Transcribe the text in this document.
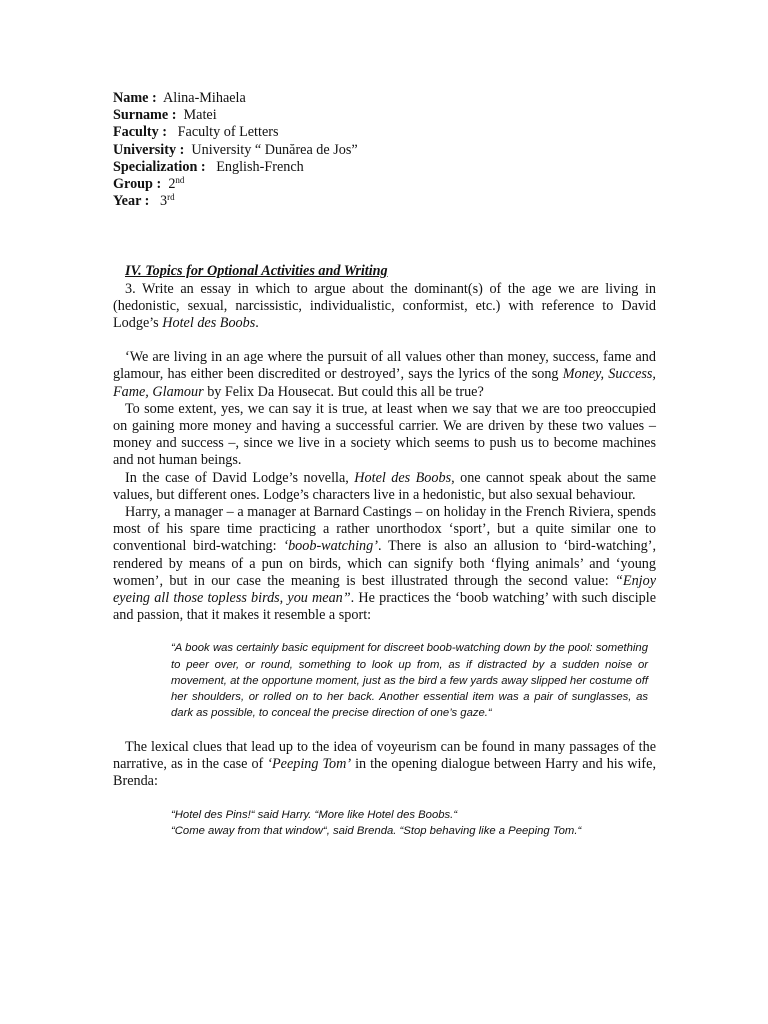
Name : Alina-Mihaela
Surname : Matei
Faculty : Faculty of Letters
University : University “ Dunărea de Jos”
Specialization : English-French
Group : 2nd
Year : 3rd
IV. Topics for Optional Activities and Writing

3. Write an essay in which to argue about the dominant(s) of the age we are living in (hedonistic, sexual, narcissistic, individualistic, conformist, etc.) with reference to David Lodge’s Hotel des Boobs.

‘We are living in an age where the pursuit of all values other than money, success, fame and glamour, has either been discredited or destroyed’, says the lyrics of the song Money, Success, Fame, Glamour by Felix Da Housecat. But could this all be true?

To some extent, yes, we can say it is true, at least when we say that we are too preoccupied on gaining more money and having a successful carrier. We are driven by these two values – money and success –, since we live in a society which seems to push us to become machines and not human beings.

In the case of David Lodge’s novella, Hotel des Boobs, one cannot speak about the same values, but different ones. Lodge’s characters live in a hedonistic, but also sexual behaviour.

Harry, a manager – a manager at Barnard Castings – on holiday in the French Riviera, spends most of his spare time practicing a rather unorthodox ‘sport’, but a quite similar one to conventional bird-watching: ‘boob-watching’. There is also an allusion to ‘bird-watching’, rendered by means of a pun on birds, which can signify both ‘flying animals’ and ‘young women’, but in our case the meaning is best illustrated through the second value: “Enjoy eyeing all those topless birds, you mean”. He practices the ‘boob watching’ with such disciple and passion, that it makes it resemble a sport:

“A book was certainly basic equipment for discreet boob-watching down by the pool: something to peer over, or round, something to look up from, as if distracted by a sudden noise or movement, at the opportune moment, just as the bird a few yards away slipped her costume off her shoulders, or rolled on to her back. Another essential item was a pair of sunglasses, as dark as possible, to conceal the precise direction of one’s gaze.“

The lexical clues that lead up to the idea of voyeurism can be found in many passages of the narrative, as in the case of ‘Peeping Tom’ in the opening dialogue between Harry and his wife, Brenda:

“Hotel des Pins!“ said Harry. “More like Hotel des Boobs.“
“Come away from that window“, said Brenda. “Stop behaving like a Peeping Tom.“
